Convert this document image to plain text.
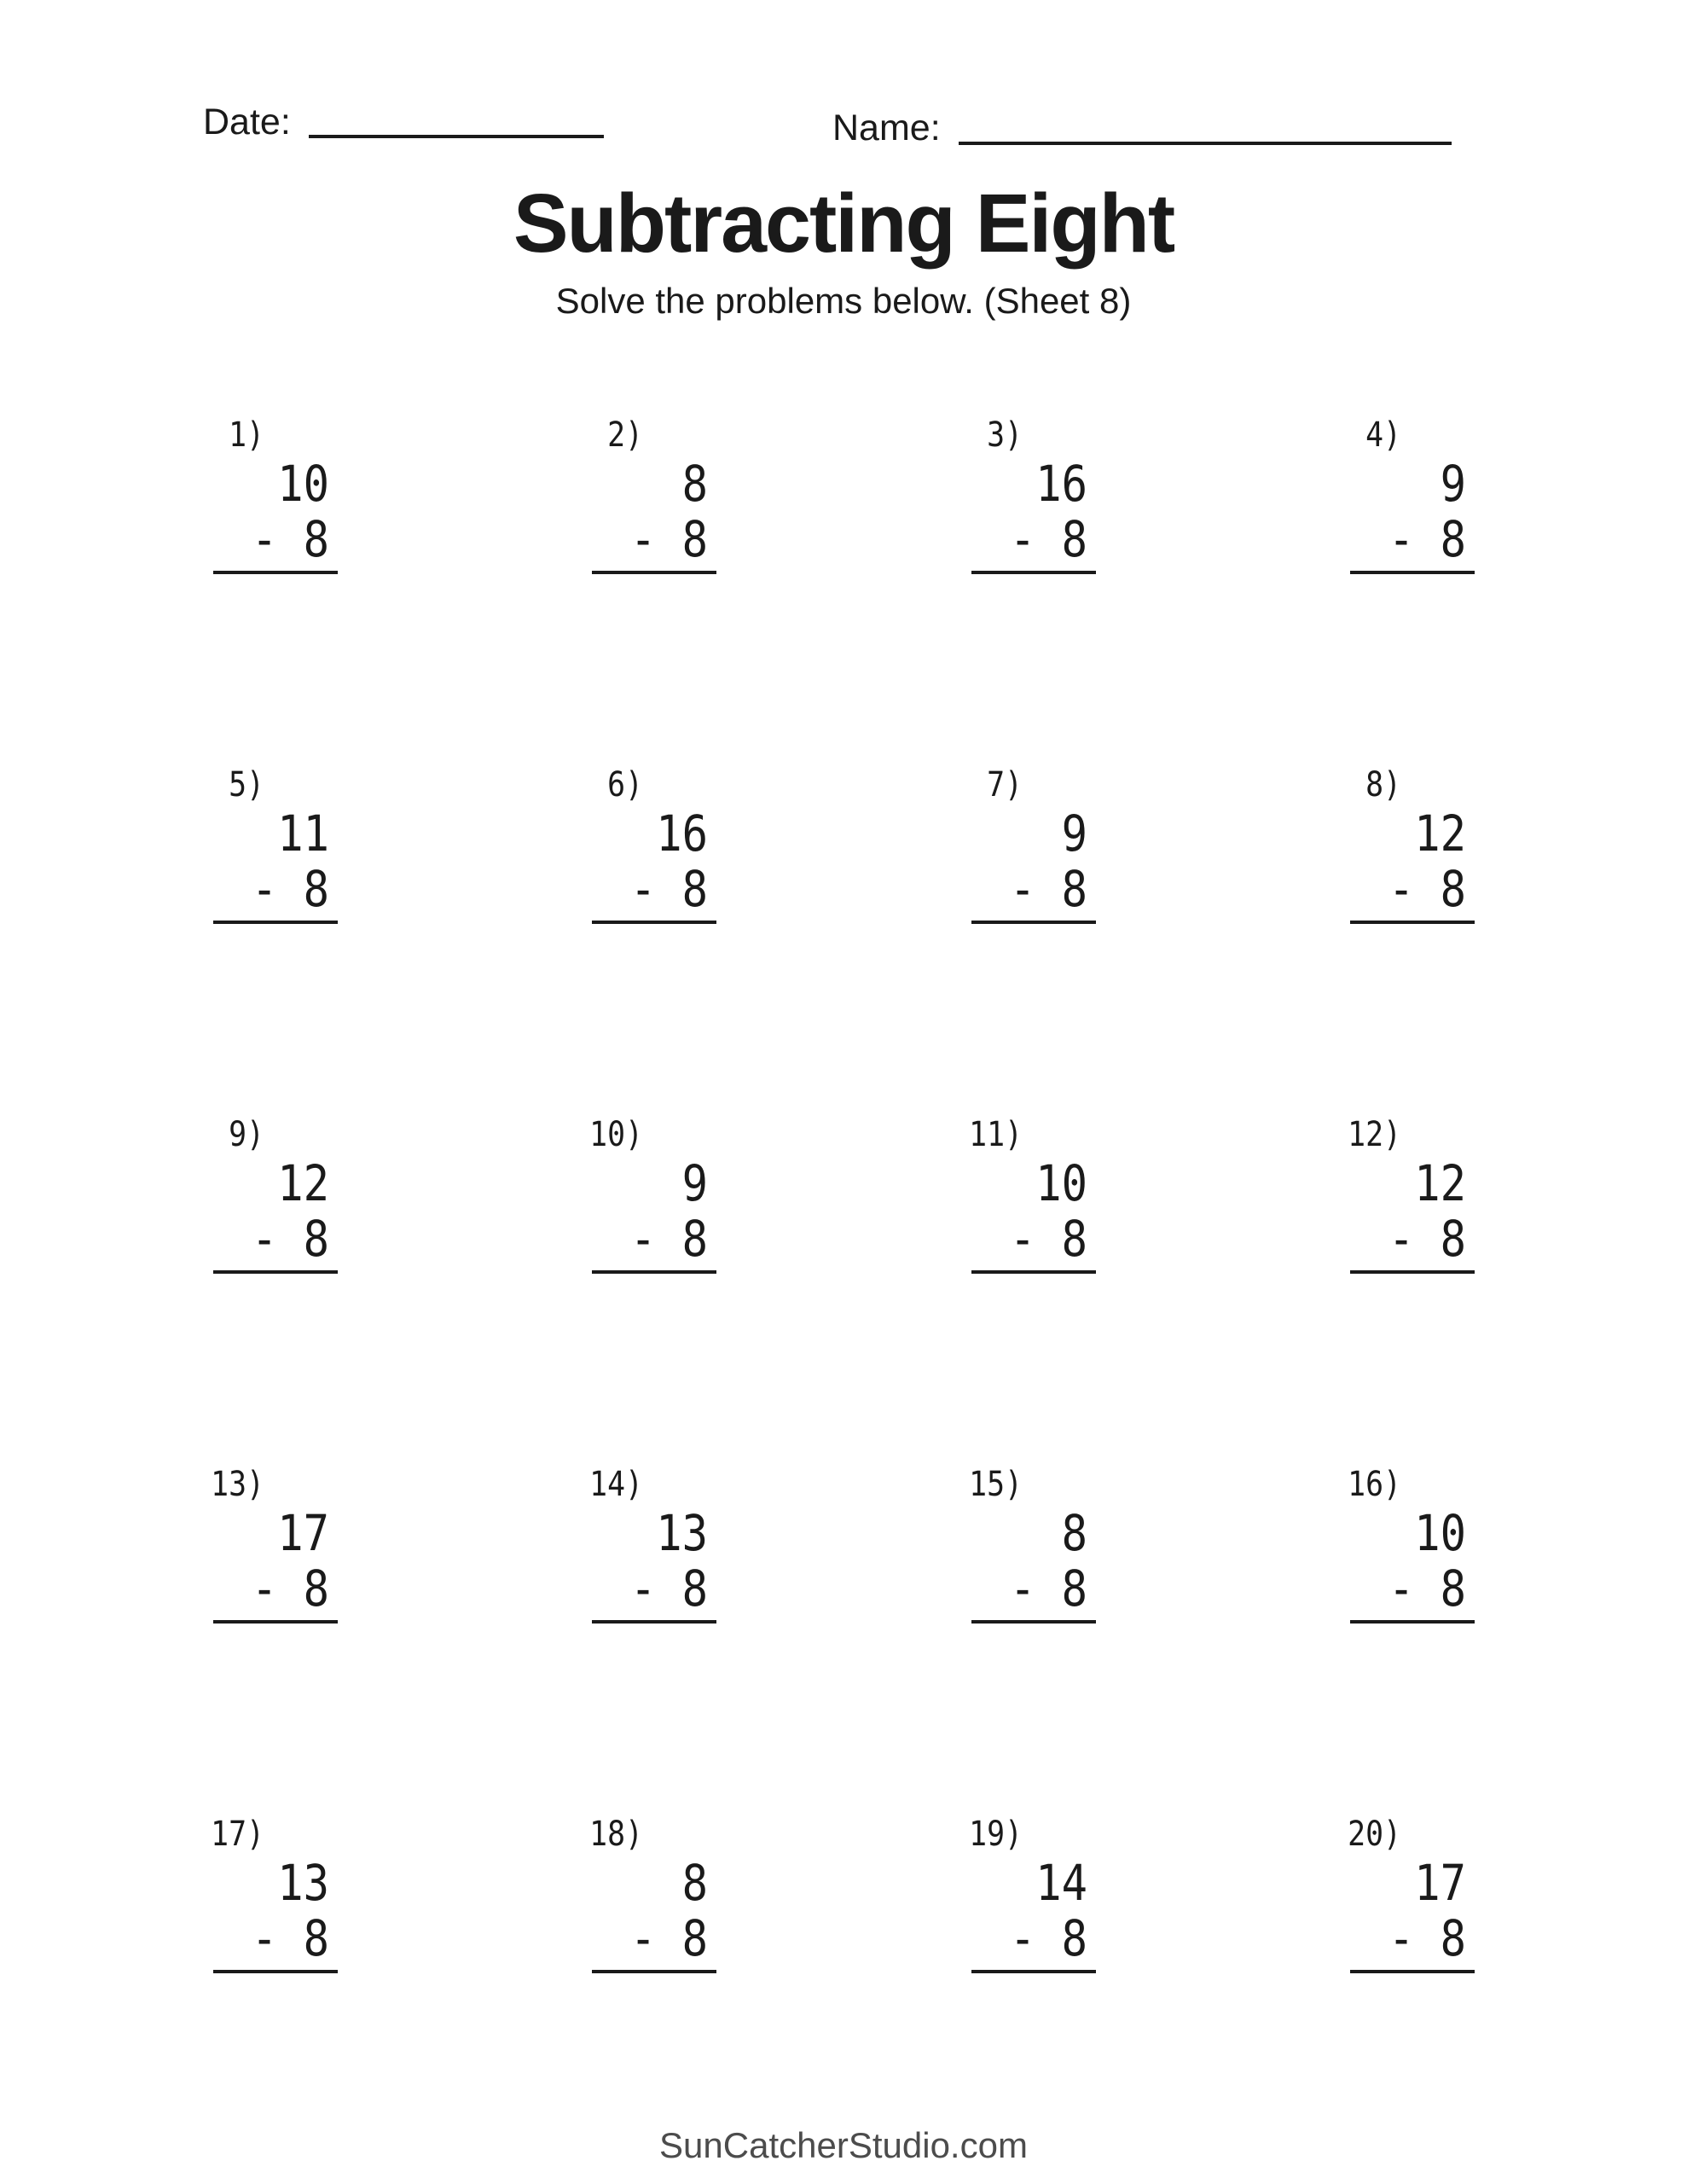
Date:	Name:
Subtracting Eight
Solve the problems below. (Sheet 8)
1)
10
- 8
2)
8
- 8
3)
16
- 8
4)
9
- 8
5)
11
- 8
6)
16
- 8
7)
9
- 8
8)
12
- 8
9)
12
- 8
10)
9
- 8
11)
10
- 8
12)
12
- 8
13)
17
- 8
14)
13
- 8
15)
8
- 8
16)
10
- 8
17)
13
- 8
18)
8
- 8
19)
14
- 8
20)
17
- 8
SunCatcherStudio.com
